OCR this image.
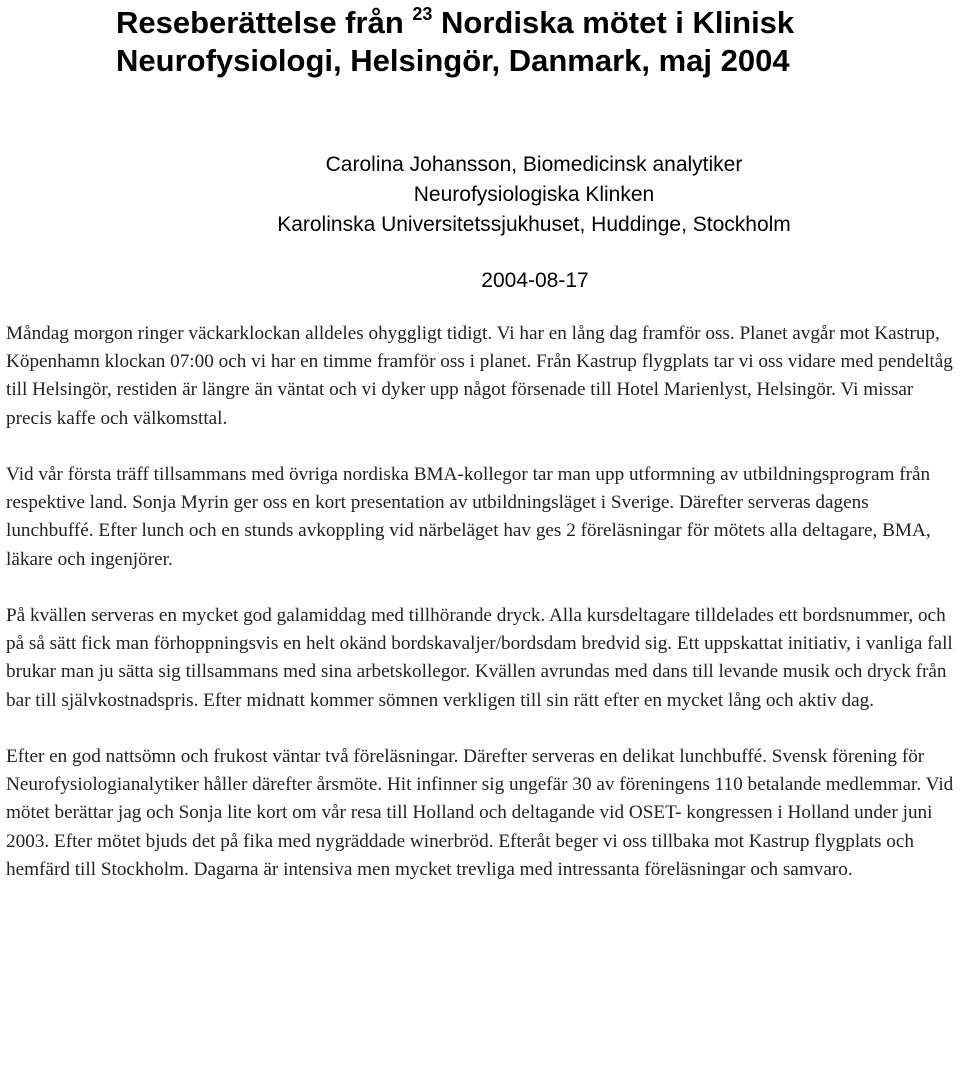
Reseberättelse från $^{23}$ Nordiska mötet i Klinisk
Neurofysiologi, Helsingör, Danmark, maj 2004
Carolina Johansson, Biomedicinsk analytiker
Neurofysiologiska Klinken
Karolinska Universitetssjukhuset, Huddinge, Stockholm
2004-08-17

Måndag morgon ringer väckarklockan alldeles ohyggligt tidigt. Vi har en lång dag framför oss. Planet avgår mot Kastrup, Köpenhamn klockan 07:00 och vi har en timme framför oss i planet. Från Kastrup flygplats tar vi oss vidare med pendeltåg till Helsingör, restiden är längre än väntat och vi dyker upp något försenade till Hotel Marienlyst, Helsingör. Vi missar precis kaffe och välkomsttal.

Vid vår första träff tillsammans med övriga nordiska BMA-kollegor tar man upp utformning av utbildningsprogram från respektive land. Sonja Myrin ger oss en kort presentation av utbildningsläget i Sverige. Därefter serveras dagens lunchbuffé. Efter lunch och en stunds avkoppling vid närbeläget hav ges 2 föreläsningar för mötets alla deltagare, BMA, läkare och ingenjörer.

På kvällen serveras en mycket god galamiddag med tillhörande dryck. Alla kursdeltagare tilldelades ett bordsnummer, och på så sätt fick man förhoppningsvis en helt okänd bordskavaljer/bordsdam bredvid sig. Ett uppskattat initiativ, i vanliga fall brukar man ju sätta sig tillsammans med sina arbetskollegor. Kvällen avrundas med dans till levande musik och dryck från bar till självkostnadspris. Efter midnatt kommer sömnen verkligen till sin rätt efter en mycket lång och aktiv dag.

Efter en god nattsömn och frukost väntar två föreläsningar. Därefter serveras en delikat lunchbuffé. Svensk förening för Neurofysiologianalytiker håller därefter årsmöte. Hit infinner sig ungefär 30 av föreningens 110 betalande medlemmar. Vid mötet berättar jag och Sonja lite kort om vår resa till Holland och deltagande vid OSET- kongressen i Holland under juni 2003. Efter mötet bjuds det på fika med nygräddade winerbröd. Efteråt beger vi oss tillbaka mot Kastrup flygplats och hemfärd till Stockholm. Dagarna är intensiva men mycket trevliga med intressanta föreläsningar och samvaro.
